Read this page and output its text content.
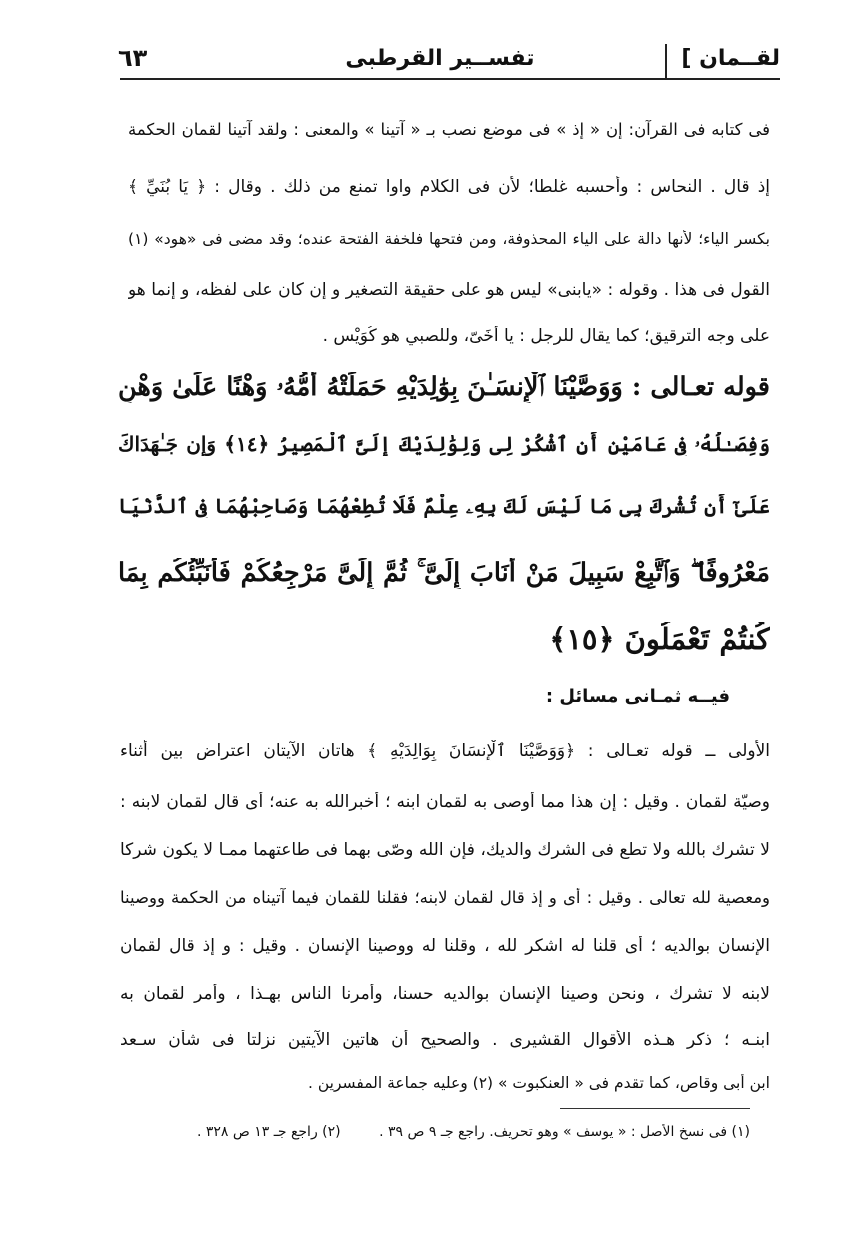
لقــمان ]
تفســير القرطبى
٦٣
فى كتابه فى القرآن: إن « إذ » فى موضع نصب بـ « آتينا » والمعنى : ولقد آتينا لقمان الحكمة
إذ قال . النحاس : وأحسبه غلطا؛ لأن فى الكلام واوا تمنع من ذلك . وقال : ﴿ يَا بُنَيِّ ﴾
بكسر الياء؛ لأنها دالة على الياء المحذوفة، ومن فتحها فلخفة الفتحة عنده؛ وقد مضى فى «هود» (١)
القول فى هذا . وقوله : «يابنى» ليس هو على حقيقة التصغير و إن كان على لفظه، و إنما هو
على وجه الترقيق؛ كما يقال للرجل : يا أُخَىّ، وللصبي هو كُوَيْس .
قوله تعـالى : وَوَصَّيْنَا ٱلْإِنسَـٰنَ بِوَٰلِدَيْهِ حَمَلَتْهُ أُمُّهُۥ وَهْنًا عَلَىٰ وَهْنٍ
وَفِصَـٰلُهُۥ فِى عَامَيْنِ أَنِ ٱشْكُرْ لِى وَلِوَٰلِدَيْكَ إِلَىَّ ٱلْمَصِيرُ ﴿١٤﴾ وَإِن جَـٰهَدَاكَ
عَلَىٰٓ أَن تُشْرِكَ بِى مَا لَيْسَ لَكَ بِهِۦ عِلْمٌ فَلَا تُطِعْهُمَا وَصَاحِبْهُمَا فِى ٱلدُّنْيَا
مَعْرُوفًا ۖ وَٱتَّبِعْ سَبِيلَ مَنْ أَنَابَ إِلَىَّ ۚ ثُمَّ إِلَىَّ مَرْجِعُكُمْ فَأُنَبِّئُكُم بِمَا
كُنتُمْ تَعْمَلُونَ ﴿١٥﴾
فيــه ثمـانى مسائل :
الأولى ــ قوله تعـالى : ﴿وَوَصَّيْنَا ٱلْإِنسَانَ بِوَالِدَيْهِ ﴾ هاتان الآيتان اعتراض بين أثناء
وصيّة لقمان . وقيل : إن هذا مما أوصى به لقمان ابنه ؛ أخبرالله به عنه؛ أى قال لقمان لابنه :
لا تشرك بالله ولا تطع فى الشرك والديك، فإن الله وصّى بهما فى طاعتهما ممـا لا يكون شركا
ومعصية لله تعالى . وقيل : أى و إذ قال لقمان لابنه؛ فقلنا للقمان فيما آتيناه من الحكمة ووصينا
الإنسان بوالديه ؛ أى قلنا له اشكر لله ، وقلنا له ووصينا الإنسان . وقيل : و إذ قال لقمان
لابنه لا تشرك ، ونحن وصينا الإنسان بوالديه حسنا، وأمرنا الناس بهـذا ، وأمر لقمان به
ابنـه ؛ ذكر هـذه الأقوال القشيرى . والصحيح أن هاتين الآيتين نزلتا فى شأن سـعد
ابن أبى وقاص، كما تقدم فى « العنكبوت » (٢) وعليه جماعة المفسرين .
(١) فى نسخ الأصل : « يوسف » وهو تحريف. راجع جـ ٩ ص ٣٩ . (٢) راجع جـ ١٣ ص ٣٢٨ .
